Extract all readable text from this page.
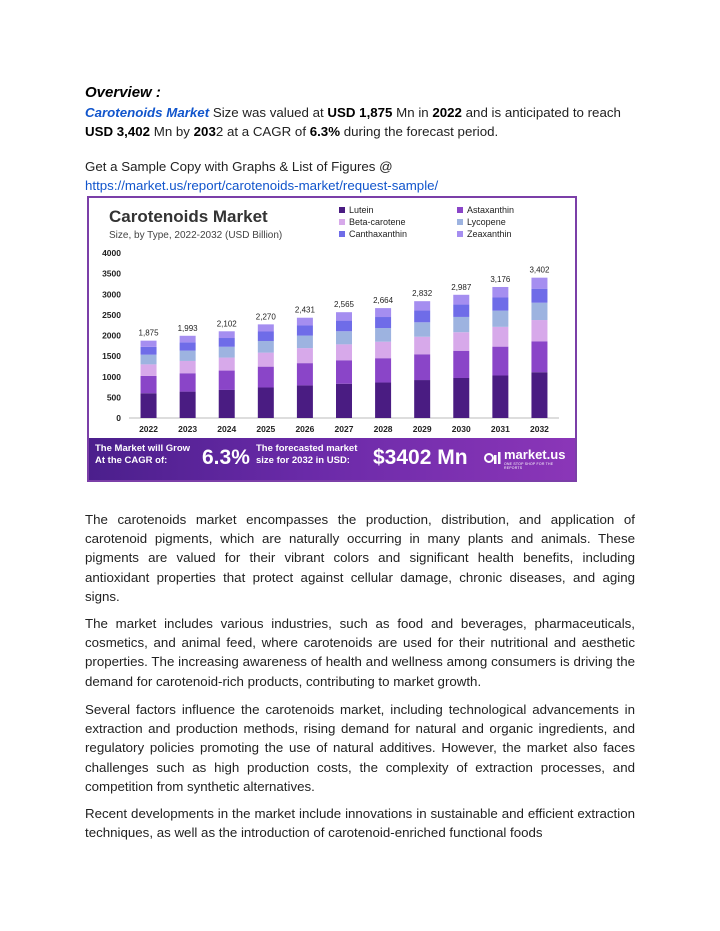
Overview :
Carotenoids Market Size was valued at USD 1,875 Mn in 2022 and is anticipated to reach
USD 3,402 Mn by 2032 at a CAGR of 6.3% during the forecast period.
Get a Sample Copy with Graphs & List of Figures @
https://market.us/report/carotenoids-market/request-sample/
Carotenoids Market
Size, by Type, 2022-2032 (USD Billion)
Lutein	Astaxanthin
Beta-carotene	Lycopene
Canthaxanthin	Zeaxanthin
0
500
1000
1500
2000
2500
3000
3500
4000
1,875
1,993 2,102
2,270
2,431
2,565 2,664
2,832
2,987
3,176
3,402
2022 2023 2024 2025 2026 2027 2028 2029 2030 2031 2032
The Market will Grow
At the CAGR of:	6.3% The forecasted market
size for 2032 in USD:	$3402 Mn	market.us
ONE STOP SHOP FOR THE REPORTS
The carotenoids market encompasses the production, distribution, and application of carotenoid pigments, which are naturally occurring in many plants and animals. These pigments are valued for their vibrant colors and significant health benefits, including antioxidant properties that protect against cellular damage, chronic diseases, and aging signs.
The market includes various industries, such as food and beverages, pharmaceuticals, cosmetics, and animal feed, where carotenoids are used for their nutritional and aesthetic properties. The increasing awareness of health and wellness among consumers is driving the demand for carotenoid-rich products, contributing to market growth.
Several factors influence the carotenoids market, including technological advancements in extraction and production methods, rising demand for natural and organic ingredients, and regulatory policies promoting the use of natural additives. However, the market also faces challenges such as high production costs, the complexity of extraction processes, and competition from synthetic alternatives.
Recent developments in the market include innovations in sustainable and efficient extraction techniques, as well as the introduction of carotenoid-enriched functional foods
